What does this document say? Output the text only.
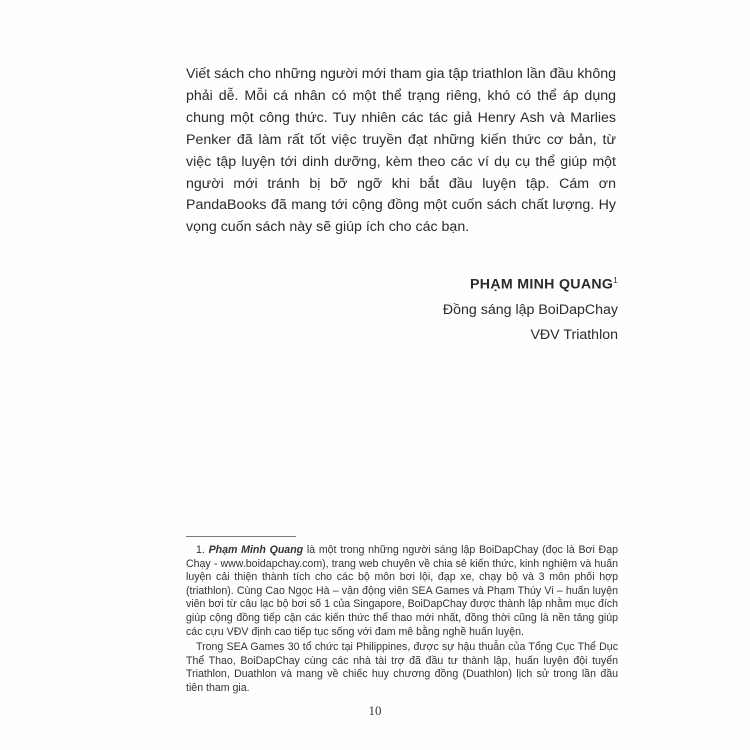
Viết sách cho những người mới tham gia tập triathlon lần đầu không phải dễ. Mỗi cá nhân có một thể trạng riêng, khó có thể áp dụng chung một công thức. Tuy nhiên các tác giả Henry Ash và Marlies Penker đã làm rất tốt việc truyền đạt những kiến thức cơ bản, từ việc tập luyện tới dinh dưỡng, kèm theo các ví dụ cụ thể giúp một người mới tránh bị bỡ ngỡ khi bắt đầu luyện tập. Cám ơn PandaBooks đã mang tới cộng đồng một cuốn sách chất lượng. Hy vọng cuốn sách này sẽ giúp ích cho các bạn.

PHẠM MINH QUANG$^1$
Đồng sáng lập BoiDapChay
VĐV Triathlon

1. Phạm Minh Quang là một trong những người sáng lập BoiDapChay (đọc là Bơi Đạp Chạy - www.boidapchay.com), trang web chuyên về chia sẻ kiến thức, kinh nghiệm và huấn luyện cải thiện thành tích cho các bộ môn bơi lội, đạp xe, chạy bộ và 3 môn phối hợp (triathlon). Cùng Cao Ngọc Hà – vận động viên SEA Games và Phạm Thúy Vi – huấn luyện viên bơi từ câu lạc bộ bơi số 1 của Singapore, BoiDapChay được thành lập nhằm mục đích giúp cộng đồng tiếp cận các kiến thức thể thao mới nhất, đồng thời cũng là nền tảng giúp các cựu VĐV định cao tiếp tục sống với đam mê bằng nghề huấn luyện.

Trong SEA Games 30 tổ chức tại Philippines, được sự hậu thuẫn của Tổng Cục Thể Dục Thể Thao, BoiDapChay cùng các nhà tài trợ đã đầu tư thành lập, huấn luyện đội tuyển Triathlon, Duathlon và mang về chiếc huy chương đồng (Duathlon) lịch sử trong lần đầu tiên tham gia.

10
